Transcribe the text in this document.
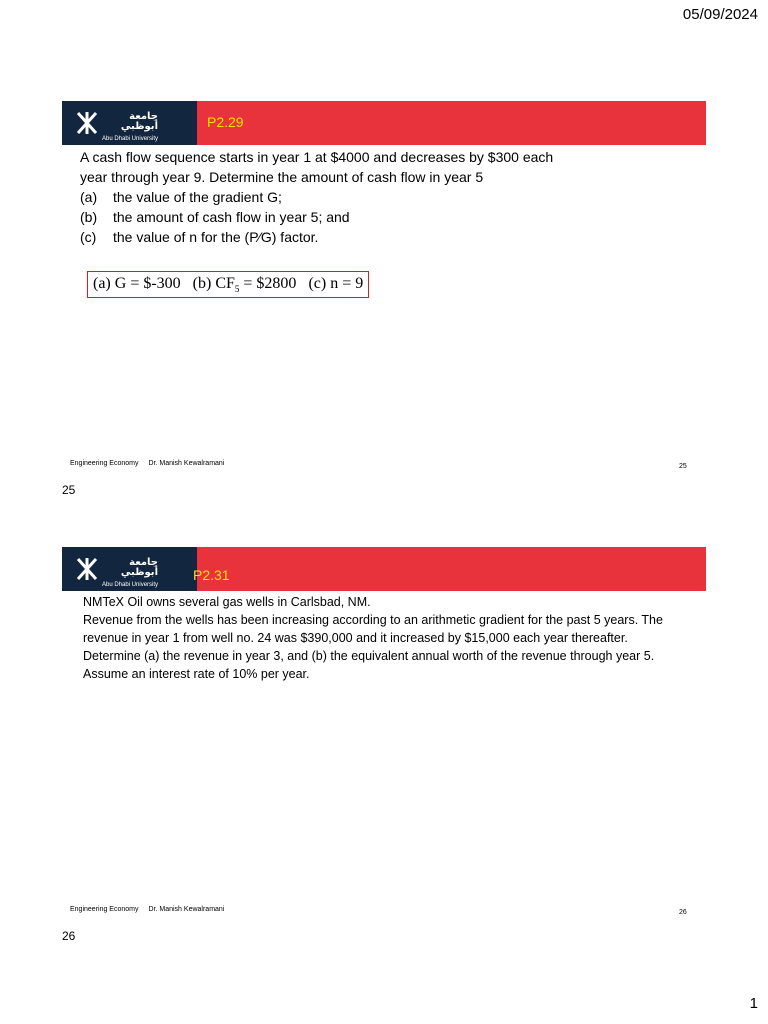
05/09/2024
جامعة أبوظبي
Abu Dhabi University
P2.29
A cash flow sequence starts in year 1 at $4000 and decreases by $300 each
year through year 9. Determine the amount of cash flow in year 5
(a)	the value of the gradient G;
(b)	the amount of cash flow in year 5; and
(c)	the value of n for the (P⁄G) factor.
(a) G = $-300 (b) $CF_5$ = $2800 (c) n = 9
Engineering Economy Dr. Manish Kewalramani	25
25
جامعة أبوظبي
Abu Dhabi University
P2.31
NMTeX Oil owns several gas wells in Carlsbad, NM.
Revenue from the wells has been increasing according to an arithmetic gradient for the past 5 years. The
revenue in year 1 from well no. 24 was $390,000 and it increased by $15,000 each year thereafter.
Determine (a) the revenue in year 3, and (b) the equivalent annual worth of the revenue through year 5.
Assume an interest rate of 10% per year.
Engineering Economy Dr. Manish Kewalramani	26
26
1
